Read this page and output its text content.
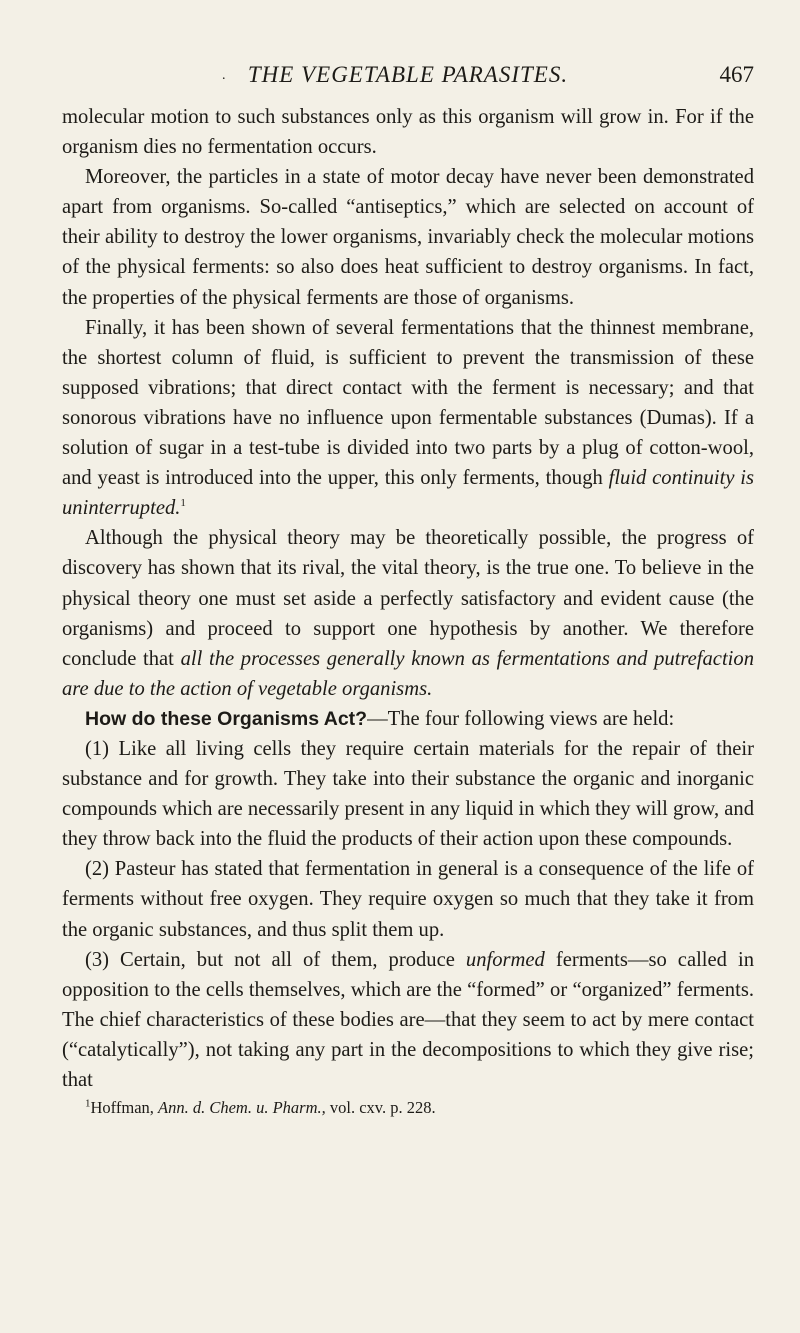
. THE VEGETABLE PARASITES.	467

molecular motion to such substances only as this organism will grow in. For if the organism dies no fermentation occurs.

Moreover, the particles in a state of motor decay have never been demonstrated apart from organisms. So-called “antiseptics,” which are selected on account of their ability to destroy the lower organisms, invariably check the molecular motions of the physical ferments: so also does heat sufficient to destroy organisms. In fact, the properties of the physical ferments are those of organisms.

Finally, it has been shown of several fermentations that the thinnest membrane, the shortest column of fluid, is sufficient to prevent the transmission of these supposed vibrations; that direct contact with the ferment is necessary; and that sonorous vibrations have no influence upon fermentable substances (Dumas). If a solution of sugar in a test-tube is divided into two parts by a plug of cotton-wool, and yeast is introduced into the upper, this only ferments, though fluid continuity is uninterrupted.$^1$

Although the physical theory may be theoretically possible, the progress of discovery has shown that its rival, the vital theory, is the true one. To believe in the physical theory one must set aside a perfectly satisfactory and evident cause (the organisms) and proceed to support one hypothesis by another. We therefore conclude that all the processes generally known as fermentations and putrefaction are due to the action of vegetable organisms.

How do these Organisms Act?—The four following views are held:

(1) Like all living cells they require certain materials for the repair of their substance and for growth. They take into their substance the organic and inorganic compounds which are necessarily present in any liquid in which they will grow, and they throw back into the fluid the products of their action upon these compounds.

(2) Pasteur has stated that fermentation in general is a consequence of the life of ferments without free oxygen. They require oxygen so much that they take it from the organic substances, and thus split them up.

(3) Certain, but not all of them, produce unformed ferments—so called in opposition to the cells themselves, which are the “formed” or “organized” ferments. The chief characteristics of these bodies are—that they seem to act by mere contact (“catalytically”), not taking any part in the decompositions to which they give rise; that

$^1$Hoffman, Ann. d. Chem. u. Pharm., vol. cxv. p. 228.
